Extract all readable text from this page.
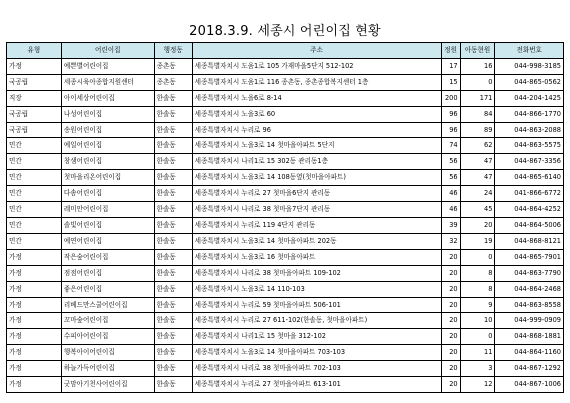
2018.3.9. 세종시 어린이집 현황
유형	어린이집	행정동	주소	정원	아동현원	전화번호
가정	예쁜별어린이집	종촌동	세종특별자치시 도움1로 105 가재마을5단지 512-102	17	16	044-998-3185
국공립	세종시육아종합지원센터	종촌동	세종특별자치시 도움1로 116 종촌동, 종촌종합복지센터 1층	15	0	044-865-0562
직장	아이세상어린이집	한솔동	세종특별자치시 노을6로 8-14	200	171	044-204-1425
국공립	나성어린이집	한솔동	세종특별자치시 노을3로 60	96	84	044-866-1770
국공립	송원어린이집	한솔동	세종특별자치시 누리로 96	96	89	044-863-2088
민간	예일어린이집	한솔동	세종특별자치시 노을3로 14 첫마을아파트 5단지	74	62	044-863-5575
민간	창샘어린이집	한솔동	세종특별자치시 나리1로 15 302동 관리동1층	56	47	044-867-3356
민간	첫마을리온어린이집	한솔동	세종특별자치시 노을3로 14 108동옆(첫마을아파트)	56	47	044-865-6140
민간	다솜어린이집	한솔동	세종특별자치시 누리로 27 첫마을6단지 관리동	46	24	041-866-6772
민간	레미안어린이집	한솔동	세종특별자치시 나리로 38 첫마을7단지 관리동	46	45	044-864-4252
민간	솔빛어린이집	한솔동	세종특별자치시 누리로 119 4단지 관리동	39	20	044-864-5006
민간	예연어린이집	한솔동	세종특별자치시 노을3로 14 첫마을아파트 202동	32	19	044-868-8121
가정	작은숲어린이집	한솔동	세종특별자치시 노을3로 16 첫마을아파트	20	0	044-865-7901
가정	점점어린이집	한솔동	세종특별자치시 나리로 38 첫마을아파트 109-102	20	8	044-863-7790
가정	좋은어린이집	한솔동	세종특별자치시 노을3로 14 110-103	20	8	044-864-2468
가정	리베드만스쿨어린이집	한솔동	세종특별자치시 누리로 59 첫마을아파트 506-101	20	9	044-863-8558
가정	꼬마숲어린이집	한솔동	세종특별자치시 누리로 27 611-102(한솔동, 첫마을아파트)	20	10	044-999-0909
가정	수피아어린이집	한솔동	세종특별자치시 나리1로 15 첫마을 312-102	20	0	044-868-1881
가정	행복아이어린이집	한솔동	세종특별자치시 노을3로 14 첫마을아파트 703-103	20	11	044-864-1160
가정	하늘가득어린이집	한솔동	세종특별자치시 나리로 38 첫마을아파트 702-103	20	3	044-867-1292
가정	굿맘아기천사어린이집	한솔동	세종특별자치시 누리로 27 첫마을아파트 613-101	20	12	044-867-1006
